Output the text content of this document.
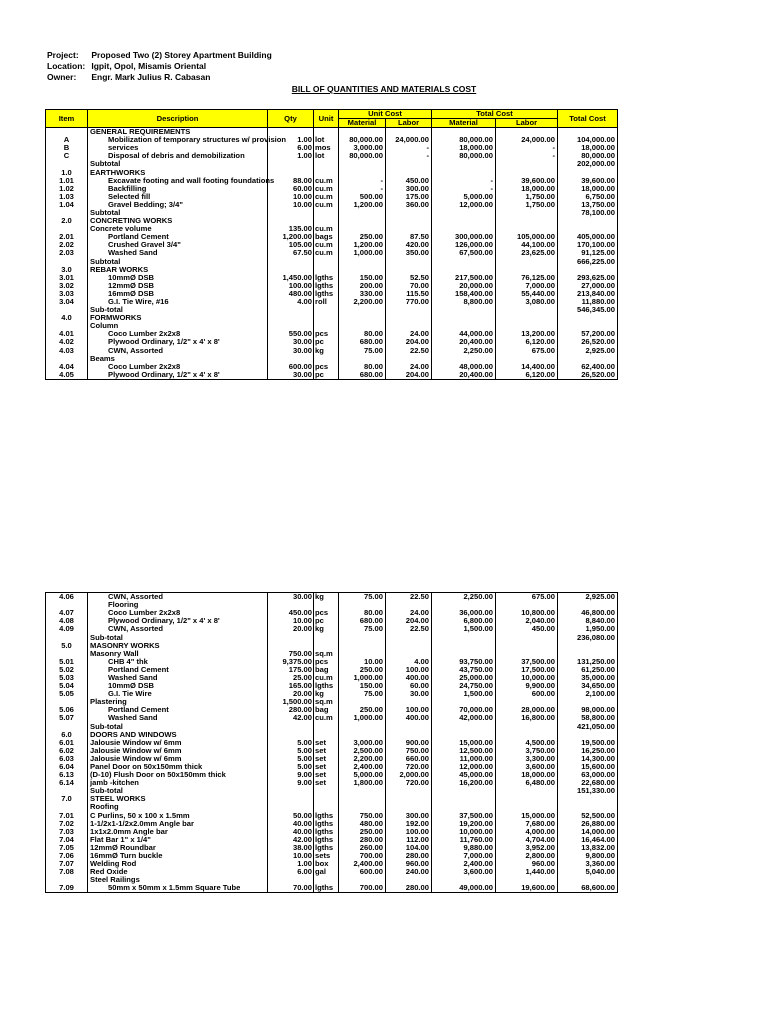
Project: Proposed Two (2) Storey Apartment Building
Location: Igpit, Opol, Misamis Oriental
Owner: Engr. Mark Julius R. Cabasan
BILL OF QUANTITIES AND MATERIALS COST
Item	Description	Qty	Unit	Unit Cost		Total Cost		Total Cost
				Material	Labor	Material	Labor	
	GENERAL REQUIREMENTS							
A	Mobilization of temporary structures w/ provision	1.00	lot	80,000.00	24,000.00	80,000.00	24,000.00	104,000.00
B	services	6.00	mos	3,000.00	-	18,000.00	-	18,000.00
C	Disposal of debris and demobilization	1.00	lot	80,000.00	-	80,000.00	-	80,000.00
	Subtotal							202,000.00
1.0	EARTHWORKS							
1.01	Excavate footing and wall footing foundations	88.00	cu.m	-	450.00	-	39,600.00	39,600.00
1.02	Backfilling	60.00	cu.m	-	300.00	-	18,000.00	18,000.00
1.03	Selected fill	10.00	cu.m	500.00	175.00	5,000.00	1,750.00	6,750.00
1.04	Gravel Bedding; 3/4"	10.00	cu.m	1,200.00	360.00	12,000.00	1,750.00	13,750.00
	Subtotal							78,100.00
2.0	CONCRETING WORKS							
	Concrete volume	135.00	cu.m					
2.01	Portland Cement	1,200.00	bags	250.00	87.50	300,000.00	105,000.00	405,000.00
2.02	Crushed Gravel 3/4"	105.00	cu.m	1,200.00	420.00	126,000.00	44,100.00	170,100.00
2.03	Washed Sand	67.50	cu.m	1,000.00	350.00	67,500.00	23,625.00	91,125.00
	Subtotal							666,225.00
3.0	REBAR WORKS							
3.01	10mmØ DSB	1,450.00	lgths	150.00	52.50	217,500.00	76,125.00	293,625.00
3.02	12mmØ DSB	100.00	lgths	200.00	70.00	20,000.00	7,000.00	27,000.00
3.03	16mmØ DSB	480.00	lgths	330.00	115.50	158,400.00	55,440.00	213,840.00
3.04	G.I. Tie Wire, #16	4.00	roll	2,200.00	770.00	8,800.00	3,080.00	11,880.00
	Sub-total							546,345.00
4.0	FORMWORKS							
	Column							
4.01	Coco Lumber 2x2x8	550.00	pcs	80.00	24.00	44,000.00	13,200.00	57,200.00
4.02	Plywood Ordinary, 1/2" x 4' x 8'	30.00	pc	680.00	204.00	20,400.00	6,120.00	26,520.00
4.03	CWN, Assorted	30.00	kg	75.00	22.50	2,250.00	675.00	2,925.00
	Beams							
4.04	Coco Lumber 2x2x8	600.00	pcs	80.00	24.00	48,000.00	14,400.00	62,400.00
4.05	Plywood Ordinary, 1/2" x 4' x 8'	30.00	pc	680.00	204.00	20,400.00	6,120.00	26,520.00
4.06	CWN, Assorted	30.00	kg	75.00	22.50	2,250.00	675.00	2,925.00
	Flooring							
4.07	Coco Lumber 2x2x8	450.00	pcs	80.00	24.00	36,000.00	10,800.00	46,800.00
4.08	Plywood Ordinary, 1/2" x 4' x 8'	10.00	pc	680.00	204.00	6,800.00	2,040.00	8,840.00
4.09	CWN, Assorted	20.00	kg	75.00	22.50	1,500.00	450.00	1,950.00
	Sub-total							236,080.00
5.0	MASONRY WORKS							
	Masonry Wall	750.00	sq.m					
5.01	CHB 4" thk	9,375.00	pcs	10.00	4.00	93,750.00	37,500.00	131,250.00
5.02	Portland Cement	175.00	bag	250.00	100.00	43,750.00	17,500.00	61,250.00
5.03	Washed Sand	25.00	cu.m	1,000.00	400.00	25,000.00	10,000.00	35,000.00
5.04	10mmØ DSB	165.00	lgths	150.00	60.00	24,750.00	9,900.00	34,650.00
5.05	G.I. Tie Wire	20.00	kg	75.00	30.00	1,500.00	600.00	2,100.00
	Plastering	1,500.00	sq.m					
5.06	Portland Cement	280.00	bag	250.00	100.00	70,000.00	28,000.00	98,000.00
5.07	Washed Sand	42.00	cu.m	1,000.00	400.00	42,000.00	16,800.00	58,800.00
	Sub-total							421,050.00
6.0	DOORS AND WINDOWS							
6.01	Jalousie Window w/ 6mm	5.00	set	3,000.00	900.00	15,000.00	4,500.00	19,500.00
6.02	Jalousie Window w/ 6mm	5.00	set	2,500.00	750.00	12,500.00	3,750.00	16,250.00
6.03	Jalousie Window w/ 6mm	5.00	set	2,200.00	660.00	11,000.00	3,300.00	14,300.00
6.04	Panel Door on 50x150mm thick	5.00	set	2,400.00	720.00	12,000.00	3,600.00	15,600.00
6.13	(D-10) Flush Door on 50x150mm thick	9.00	set	5,000.00	2,000.00	45,000.00	18,000.00	63,000.00
6.14	jamb -kitchen	9.00	set	1,800.00	720.00	16,200.00	6,480.00	22,680.00
	Sub-total							151,330.00
7.0	STEEL WORKS							
	Roofing							
7.01	C Purlins, 50 x 100 x 1.5mm	50.00	lgths	750.00	300.00	37,500.00	15,000.00	52,500.00
7.02	1-1/2x1-1/2x2.0mm Angle bar	40.00	lgths	480.00	192.00	19,200.00	7,680.00	26,880.00
7.03	1x1x2.0mm Angle bar	40.00	lgths	250.00	100.00	10,000.00	4,000.00	14,000.00
7.04	Flat Bar 1" x 1/4"	42.00	lgths	280.00	112.00	11,760.00	4,704.00	16,464.00
7.05	12mmØ Roundbar	38.00	lgths	260.00	104.00	9,880.00	3,952.00	13,832.00
7.06	16mmØ Turn buckle	10.00	sets	700.00	280.00	7,000.00	2,800.00	9,800.00
7.07	Welding Rod	1.00	box	2,400.00	960.00	2,400.00	960.00	3,360.00
7.08	Red Oxide	6.00	gal	600.00	240.00	3,600.00	1,440.00	5,040.00
	Steel Railings							
7.09	50mm x 50mm x 1.5mm Square Tube	70.00	lgths	700.00	280.00	49,000.00	19,600.00	68,600.00
